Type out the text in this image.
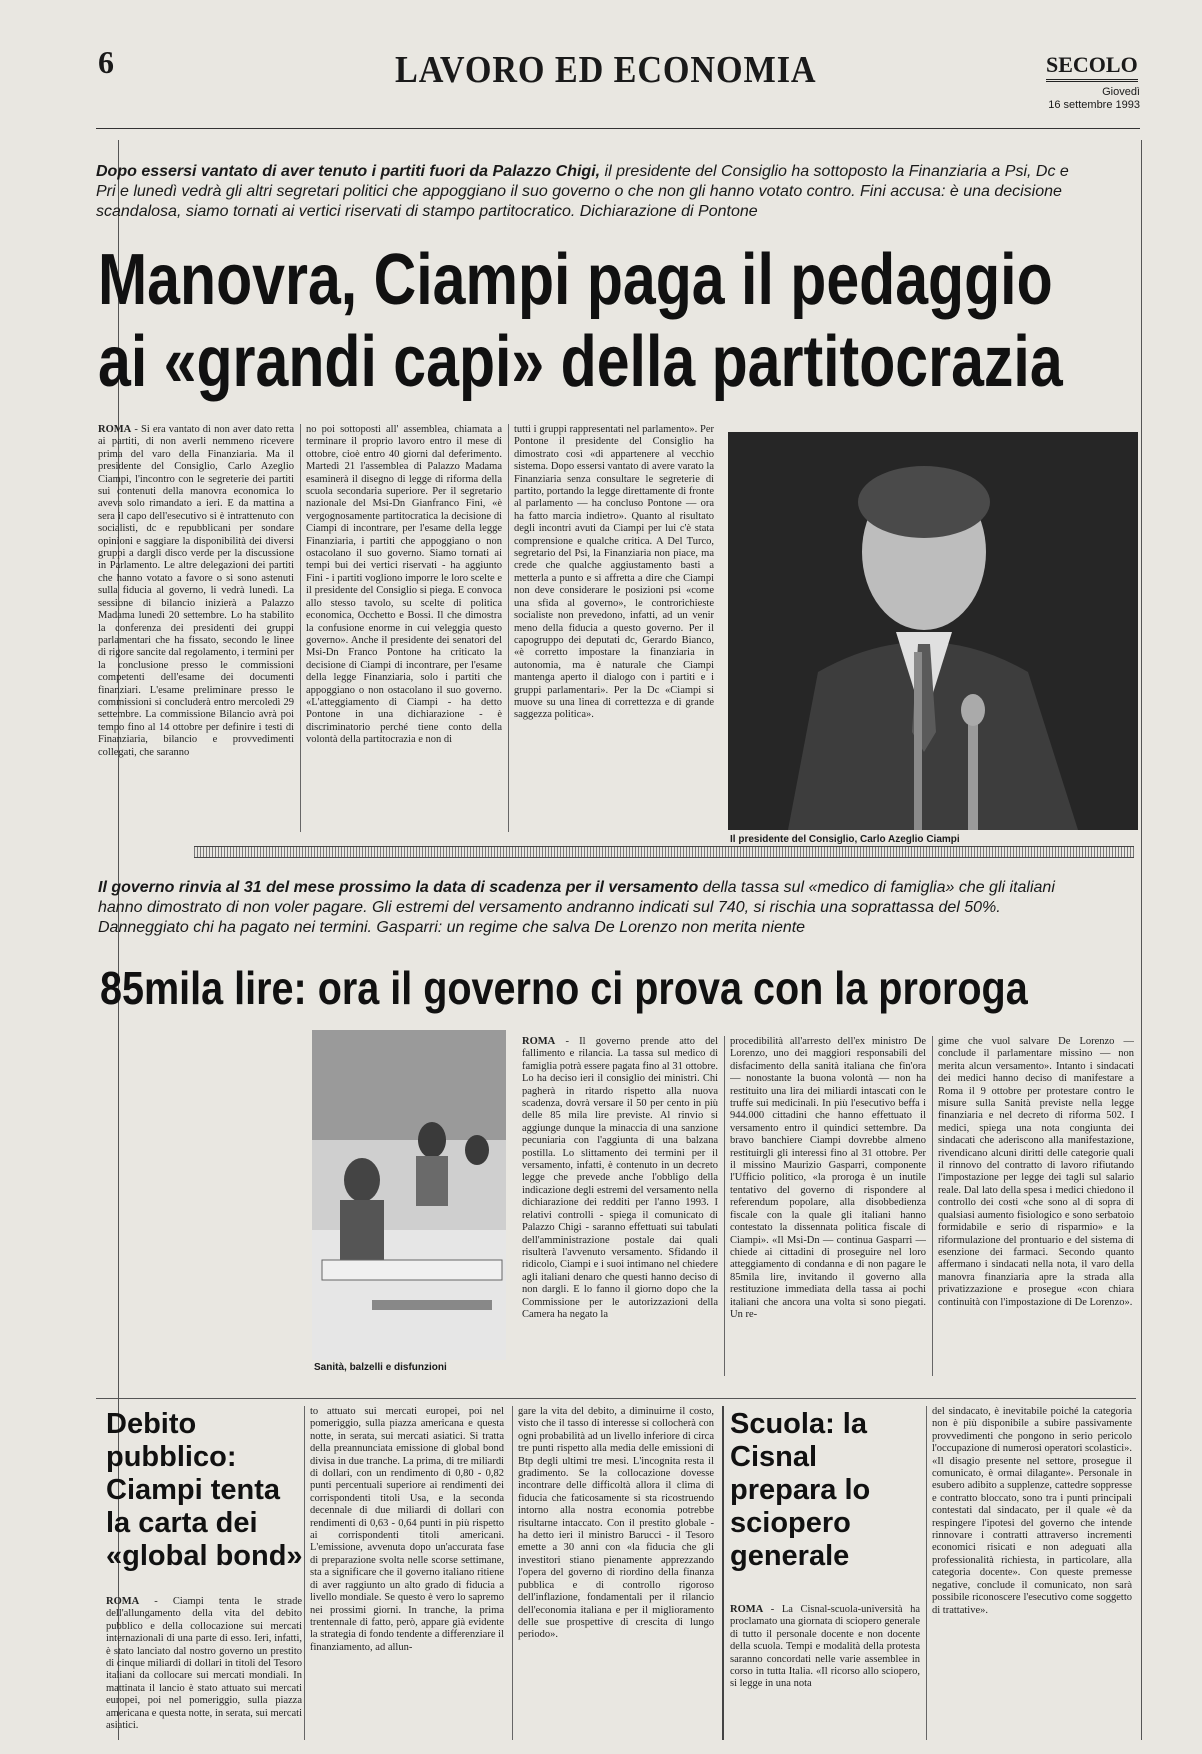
6	LAVORO ED ECONOMIA	SECOLO
Giovedì
16 settembre 1993
Dopo essersi vantato di aver tenuto i partiti fuori da Palazzo Chigi, il presidente del Consiglio ha sottoposto la Finanziaria a Psi, Dc e Pri e lunedì vedrà gli altri segretari politici che appoggiano il suo governo o che non gli hanno votato contro. Fini accusa: è una decisione scandalosa, siamo tornati ai vertici riservati di stampo partitocratico. Dichiarazione di Pontone
Manovra, Ciampi paga il pedaggio
ai «grandi capi» della partitocrazia
ROMA - Si era vantato di non aver dato retta ai partiti, di non averli nemmeno ricevere prima del varo della Finanziaria. Ma il presidente del Consiglio, Carlo Azeglio Ciampi, l'incontro con le segreterie dei partiti sui contenuti della manovra economica lo aveva solo rimandato a ieri. E da mattina a sera il capo dell'esecutivo si è intrattenuto con socialisti, dc e repubblicani per sondare opinioni e saggiare la disponibilità dei diversi gruppi a dargli disco verde per la discussione in Parlamento. Le altre delegazioni dei partiti che hanno votato a favore o si sono astenuti sulla fiducia al governo, li vedrà lunedì. La sessione di bilancio inizierà a Palazzo Madama lunedì 20 settembre. Lo ha stabilito la conferenza dei presidenti dei gruppi parlamentari che ha fissato, secondo le linee di rigore sancite dal regolamento, i termini per la conclusione presso le commissioni competenti dell'esame dei documenti finanziari. L'esame preliminare presso le commissioni si concluderà entro mercoledì 29 settembre. La commissione Bilancio avrà poi tempo fino al 14 ottobre per definire i testi di Finanziaria, bilancio e provvedimenti collegati, che saranno
no poi sottoposti all' assemblea, chiamata a terminare il proprio lavoro entro il mese di ottobre, cioè entro 40 giorni dal deferimento. Martedì 21 l'assemblea di Palazzo Madama esaminerà il disegno di legge di riforma della scuola secondaria superiore. Per il segretario nazionale del Msi-Dn Gianfranco Fini, «è vergognosamente partitocratica la decisione di Ciampi di incontrare, per l'esame della legge Finanziaria, i partiti che appoggiano o non ostacolano il suo governo. Siamo tornati ai tempi bui dei vertici riservati - ha aggiunto Fini - i partiti vogliono imporre le loro scelte e il presidente del Consiglio si piega. E convoca allo stesso tavolo, su scelte di politica economica, Occhetto e Bossi. Il che dimostra la confusione enorme in cui veleggia questo governo». Anche il presidente dei senatori del Msi-Dn Franco Pontone ha criticato la decisione di Ciampi di incontrare, per l'esame della legge Finanziaria, solo i partiti che appoggiano o non ostacolano il suo governo. «L'atteggiamento di Ciampi - ha detto Pontone in una dichiarazione - è discriminatorio perché tiene conto della volontà della partitocrazia e non di
tutti i gruppi rappresentati nel parlamento». Per Pontone il presidente del Consiglio ha dimostrato così «di appartenere al vecchio sistema. Dopo essersi vantato di avere varato la Finanziaria senza consultare le segreterie di partito, portando la legge direttamente di fronte al parlamento — ha concluso Pontone — ora ha fatto marcia indietro». Quanto al risultato degli incontri avuti da Ciampi per lui c'è stata comprensione e qualche critica. A Del Turco, segretario del Psi, la Finanziaria non piace, ma crede che qualche aggiustamento basti a metterla a punto e si affretta a dire che Ciampi non deve considerare le posizioni psi «come una sfida al governo», le controrichieste socialiste non prevedono, infatti, ad un venir meno della fiducia a questo governo. Per il capogruppo dei deputati dc, Gerardo Bianco, «è corretto impostare la finanziaria in autonomia, ma è naturale che Ciampi mantenga aperto il dialogo con i partiti e i gruppi parlamentari». Per la Dc «Ciampi si muove su una linea di correttezza e di grande saggezza politica».
Il presidente del Consiglio, Carlo Azeglio Ciampi
Il governo rinvia al 31 del mese prossimo la data di scadenza per il versamento della tassa sul «medico di famiglia» che gli italiani hanno dimostrato di non voler pagare. Gli estremi del versamento andranno indicati sul 740, si rischia una soprattassa del 50%. Danneggiato chi ha pagato nei termini. Gasparri: un regime che salva De Lorenzo non merita niente
85mila lire: ora il governo ci prova con la proroga
Sanità, balzelli e disfunzioni
ROMA - Il governo prende atto del fallimento e rilancia. La tassa sul medico di famiglia potrà essere pagata fino al 31 ottobre. Lo ha deciso ieri il consiglio dei ministri. Chi pagherà in ritardo rispetto alla nuova scadenza, dovrà versare il 50 per cento in più delle 85 mila lire previste. Al rinvio si aggiunge dunque la minaccia di una sanzione pecuniaria con l'aggiunta di una balzana postilla. Lo slittamento dei termini per il versamento, infatti, è contenuto in un decreto legge che prevede anche l'obbligo della indicazione degli estremi del versamento nella dichiarazione dei redditi per l'anno 1993. I relativi controlli - spiega il comunicato di Palazzo Chigi - saranno effettuati sui tabulati dell'amministrazione postale dai quali risulterà l'avvenuto versamento. Sfidando il ridicolo, Ciampi e i suoi intimano nel chiedere agli italiani denaro che questi hanno deciso di non dargli. E lo fanno il giorno dopo che la Commissione per le autorizzazioni della Camera ha negato la
procedibilità all'arresto dell'ex ministro De Lorenzo, uno dei maggiori responsabili del disfacimento della sanità italiana che fin'ora — nonostante la buona volontà — non ha restituito una lira dei miliardi intascati con le truffe sui medicinali. In più l'esecutivo beffa i 944.000 cittadini che hanno effettuato il versamento entro il quindici settembre. Da bravo banchiere Ciampi dovrebbe almeno restituirgli gli interessi fino al 31 ottobre. Per il missino Maurizio Gasparri, componente l'Ufficio politico, «la proroga è un inutile tentativo del governo di rispondere al referendum popolare, alla disobbedienza fiscale con la quale gli italiani hanno contestato la dissennata politica fiscale di Ciampi». «Il Msi-Dn — continua Gasparri — chiede ai cittadini di proseguire nel loro atteggiamento di condanna e di non pagare le 85mila lire, invitando il governo alla restituzione immediata della tassa ai pochi italiani che ancora una volta si sono piegati. Un re-
gime che vuol salvare De Lorenzo — conclude il parlamentare missino — non merita alcun versamento». Intanto i sindacati dei medici hanno deciso di manifestare a Roma il 9 ottobre per protestare contro le misure sulla Sanità previste nella legge finanziaria e nel decreto di riforma 502. I medici, spiega una nota congiunta dei sindacati che aderiscono alla manifestazione, rivendicano alcuni diritti delle categorie quali il rinnovo del contratto di lavoro rifiutando l'impostazione per legge dei tagli sul salario reale. Dal lato della spesa i medici chiedono il controllo dei costi «che sono al di sopra di qualsiasi aumento fisiologico e sono serbatoio formidabile e serio di risparmio» e la riformulazione del prontuario e del sistema di esenzione dei farmaci. Secondo quanto affermano i sindacati nella nota, il varo della manovra finanziaria apre la strada alla privatizzazione e prosegue «con chiara continuità con l'impostazione di De Lorenzo».
Debito pubblico: Ciampi tenta la carta dei «global bond»
ROMA - Ciampi tenta le strade dell'allungamento della vita del debito pubblico e della collocazione sui mercati internazionali di una parte di esso. Ieri, infatti, è stato lanciato dal nostro governo un prestito di cinque miliardi di dollari in titoli del Tesoro italiani da collocare sui mercati mondiali. In mattinata il lancio è stato attuato sui mercati europei, poi nel pomeriggio, sulla piazza americana e questa notte, in serata, sui mercati asiatici.
to attuato sui mercati europei, poi nel pomeriggio, sulla piazza americana e questa notte, in serata, sui mercati asiatici. Si tratta della preannunciata emissione di global bond divisa in due tranche. La prima, di tre miliardi di dollari, con un rendimento di 0,80 - 0,82 punti percentuali superiore ai rendimenti dei corrispondenti titoli Usa, e la seconda decennale di due miliardi di dollari con rendimenti di 0,63 - 0,64 punti in più rispetto ai corrispondenti titoli americani. L'emissione, avvenuta dopo un'accurata fase di preparazione svolta nelle scorse settimane, sta a significare che il governo italiano ritiene di aver raggiunto un alto grado di fiducia a livello mondiale. Se questo è vero lo sapremo nei prossimi giorni. In tranche, la prima trentennale di fatto, però, appare già evidente la strategia di fondo tendente a differenziare il finanziamento, ad allun-
gare la vita del debito, a diminuirne il costo, visto che il tasso di interesse si collocherà con ogni probabilità ad un livello inferiore di circa tre punti rispetto alla media delle emissioni di Btp degli ultimi tre mesi. L'incognita resta il gradimento. Se la collocazione dovesse incontrare delle difficoltà allora il clima di fiducia che faticosamente si sta ricostruendo intorno alla nostra economia potrebbe risultarne intaccato. Con il prestito globale - ha detto ieri il ministro Barucci - il Tesoro emette a 30 anni con «la fiducia che gli investitori stiano pienamente apprezzando l'opera del governo di riordino della finanza pubblica e di controllo rigoroso dell'inflazione, fondamentali per il rilancio dell'economia italiana e per il miglioramento delle sue prospettive di crescita di lungo periodo».
Scuola: la Cisnal prepara lo sciopero generale
ROMA - La Cisnal-scuola-università ha proclamato una giornata di sciopero generale di tutto il personale docente e non docente della scuola. Tempi e modalità della protesta saranno concordati nelle varie assemblee in corso in tutta Italia. «Il ricorso allo sciopero, si legge in una nota
del sindacato, è inevitabile poiché la categoria non è più disponibile a subire passivamente provvedimenti che pongono in serio pericolo l'occupazione di numerosi operatori scolastici». «Il disagio presente nel settore, prosegue il comunicato, è ormai dilagante». Personale in esubero adibito a supplenze, cattedre soppresse e contratto bloccato, sono tra i punti principali contestati dal sindacato, per il quale «è da respingere l'ipotesi del governo che intende rinnovare i contratti attraverso incrementi economici risicati e non adeguati alla professionalità richiesta, in particolare, alla categoria docente». Con queste premesse negative, conclude il comunicato, non sarà possibile riconoscere l'esecutivo come soggetto di trattative».
